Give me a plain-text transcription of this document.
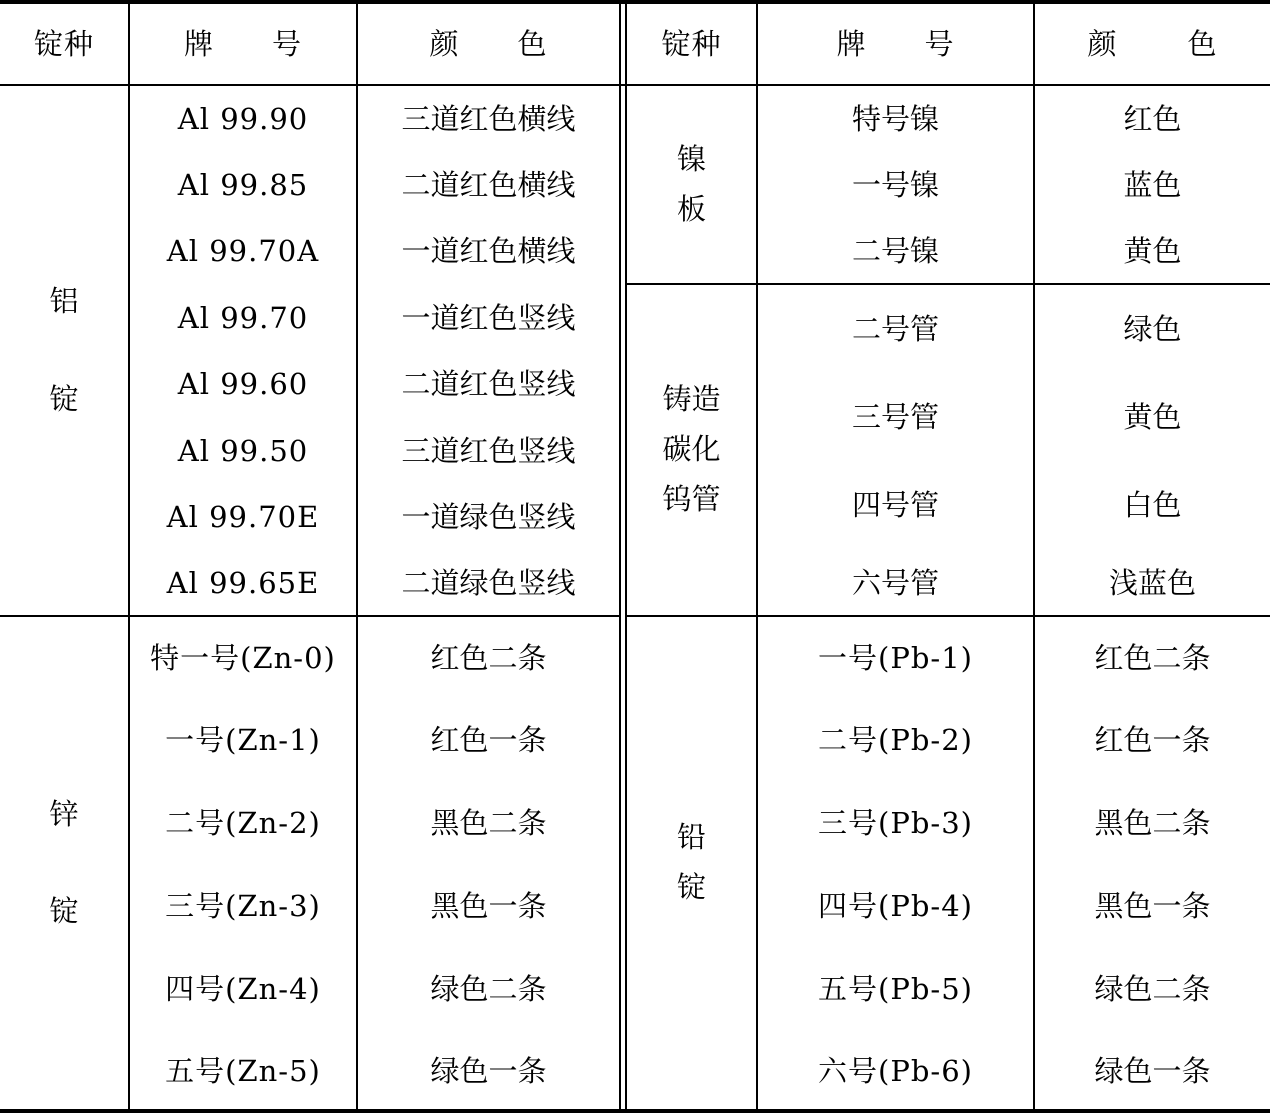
锭种	牌 号	颜 色	锭种	牌 号	颜 色
铝
锭
Al 99.90	三道红色横线
Al 99.85	二道红色横线
Al 99.70A	一道红色横线
Al 99.70	一道红色竖线
Al 99.60	二道红色竖线
Al 99.50	三道红色竖线
Al 99.70E	一道绿色竖线
Al 99.65E	二道绿色竖线
锌
锭
特一号(Zn-0)	红色二条
一号(Zn-1)	红色一条
二号(Zn-2)	黑色二条
三号(Zn-3)	黑色一条
四号(Zn-4)	绿色二条
五号(Zn-5)	绿色一条
镍
板
特号镍	红色
一号镍	蓝色
二号镍	黄色
铸造
碳化
钨管
二号管	绿色
三号管	黄色
四号管	白色
六号管	浅蓝色
铅
锭
一号(Pb-1)	红色二条
二号(Pb-2)	红色一条
三号(Pb-3)	黑色二条
四号(Pb-4)	黑色一条
五号(Pb-5)	绿色二条
六号(Pb-6)	绿色一条
